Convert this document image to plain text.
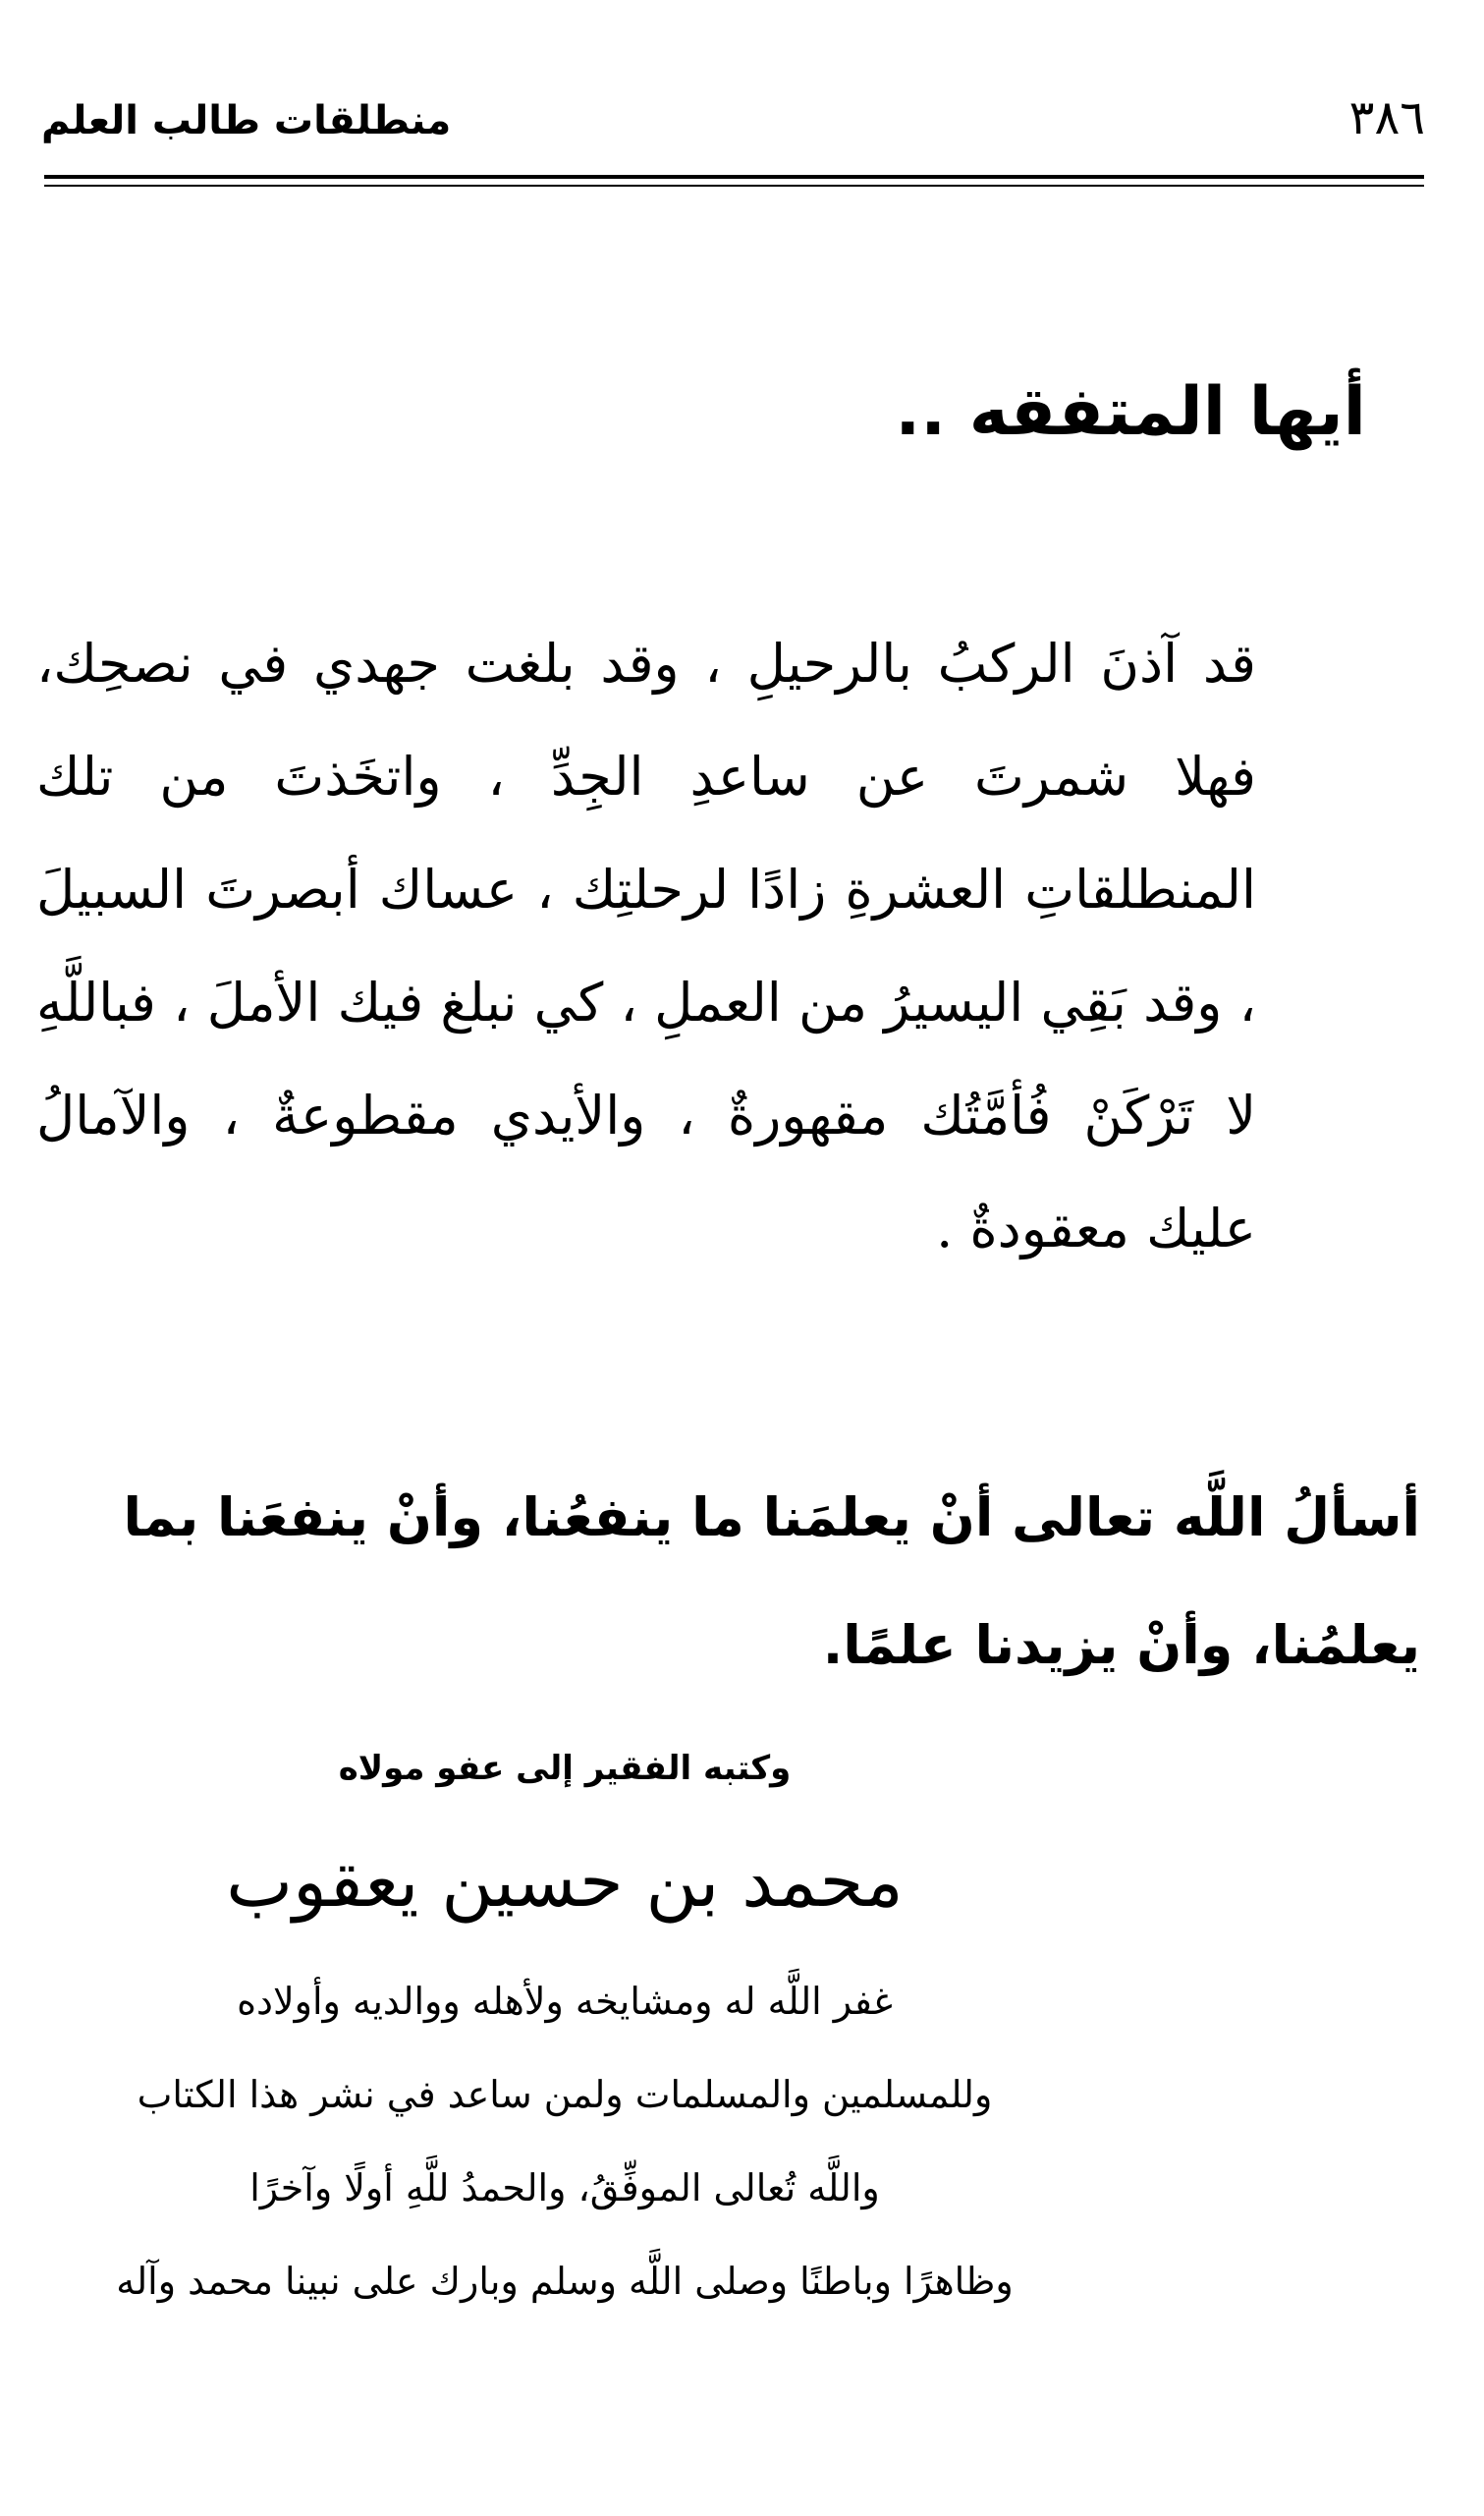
منطلقات طالب العلم	٣٨٦
أيها المتفقه ..
قد آذنَ الركبُ بالرحيلِ ، وقد بلغت جهدي في نصحِك، فهلا شمرتَ عن ساعدِ الجِدِّ ، واتخَذتَ من تلك المنطلقاتِ العشرةِ زادًا لرحلتِك ، عساك أبصرتَ السبيلَ ، وقد بَقِي اليسيرُ من العملِ ، كي نبلغ فيك الأملَ ، فباللَّهِ لا تَرْكَنْ فُأمَّتُك مقهورةٌ ، والأيدي مقطوعةٌ ، والآمالُ عليك معقودةٌ .
أسألُ اللَّه تعالى أنْ يعلمَنا ما ينفعُنا، وأنْ ينفعَنا بما يعلمُنا، وأنْ يزيدنا علمًا.
وكتبه الفقير إلى عفو مولاه
محمد بن حسين يعقوب
غفر اللَّه له ومشايخه ولأهله ووالديه وأولاده
وللمسلمين والمسلمات ولمن ساعد في نشر هذا الكتاب
واللَّه تُعالى الموفِّقُ، والحمدُ للَّهِ أولًا وآخرًا
وظاهرًا وباطنًا وصلى اللَّه وسلم وبارك على نبينا محمد وآله
